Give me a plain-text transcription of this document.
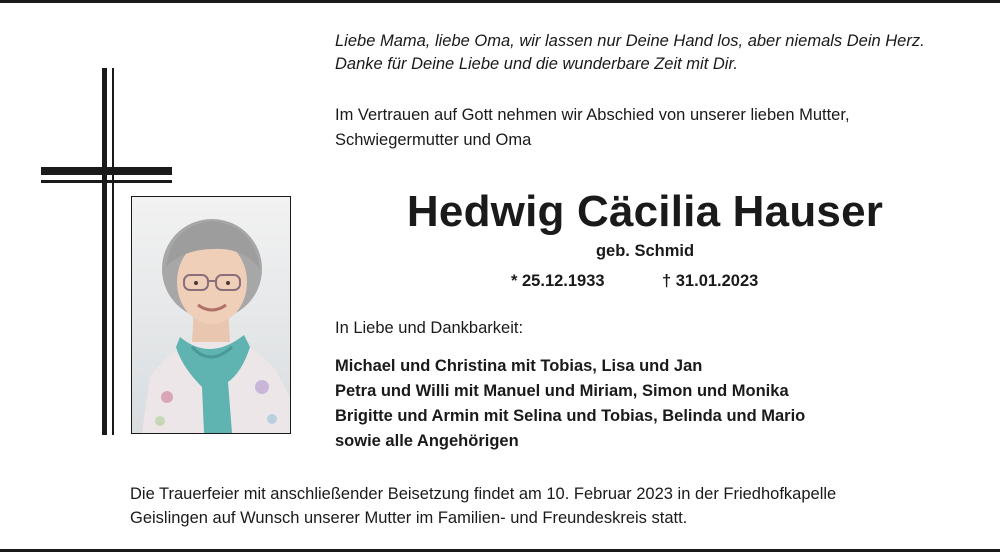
Liebe Mama, liebe Oma, wir lassen nur Deine Hand los, aber niemals Dein Herz.
Danke für Deine Liebe und die wunderbare Zeit mit Dir.
Im Vertrauen auf Gott nehmen wir Abschied von unserer lieben Mutter,
Schwiegermutter und Oma
Hedwig Cäcilia Hauser
geb. Schmid
* 25.12.1933	† 31.01.2023
In Liebe und Dankbarkeit:
Michael und Christina mit Tobias, Lisa und Jan
Petra und Willi mit Manuel und Miriam, Simon und Monika
Brigitte und Armin mit Selina und Tobias, Belinda und Mario
sowie alle Angehörigen
Die Trauerfeier mit anschließender Beisetzung findet am 10. Februar 2023 in der Friedhofkapelle
Geislingen auf Wunsch unserer Mutter im Familien- und Freundeskreis statt.
